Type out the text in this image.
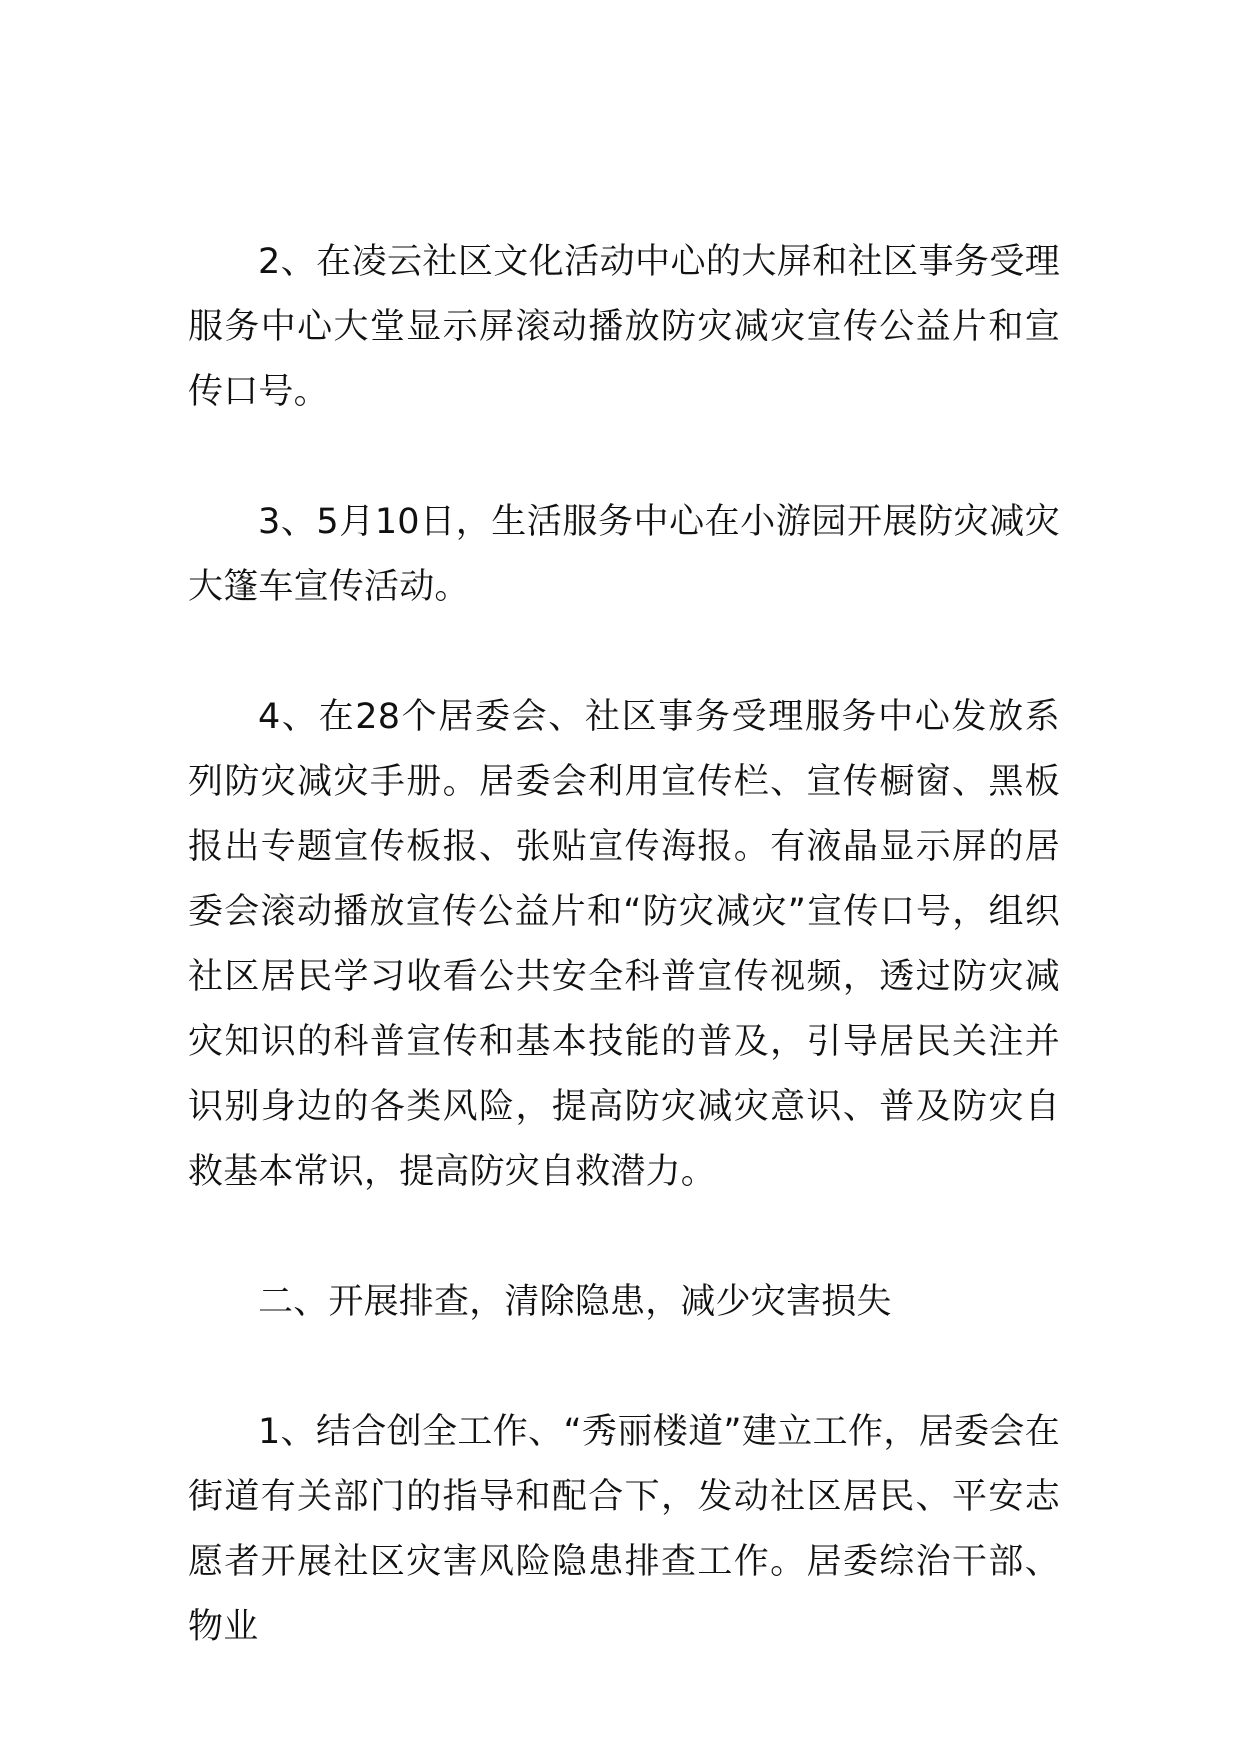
2、在凌云社区文化活动中心的大屏和社区事务受理服务中心大堂显示屏滚动播放防灾减灾宣传公益片和宣传口号。

3、5月10日，生活服务中心在小游园开展防灾减灾大篷车宣传活动。

4、在28个居委会、社区事务受理服务中心发放系列防灾减灾手册。居委会利用宣传栏、宣传橱窗、黑板报出专题宣传板报、张贴宣传海报。有液晶显示屏的居委会滚动播放宣传公益片和“防灾减灾”宣传口号，组织社区居民学习收看公共安全科普宣传视频，透过防灾减灾知识的科普宣传和基本技能的普及，引导居民关注并识别身边的各类风险，提高防灾减灾意识、普及防灾自救基本常识，提高防灾自救潜力。

二、开展排查，清除隐患，减少灾害损失

1、结合创全工作、“秀丽楼道”建立工作，居委会在街道有关部门的指导和配合下，发动社区居民、平安志愿者开展社区灾害风险隐患排查工作。居委综治干部、物业
